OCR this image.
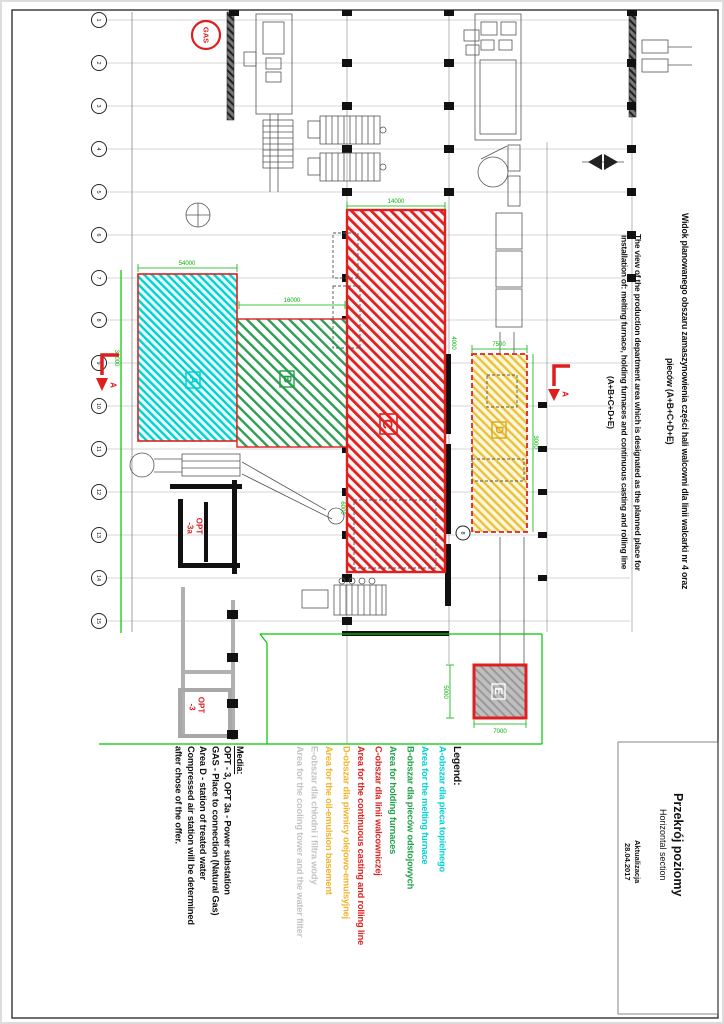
1
2
3
4
5
6
7
8
9
10
11
12
13
14
15
54000
16000
14000
7500
7000
3000
4000
5000
30000
6000
A	B
C
D
E
GAS
A
A
OPT
-3a
OPT
-3
8	Widok planowanego obszaru zamaszynowienia części hali walcowni dla linii walcarki nr 4 oraz
pieców (A+B+C+D+E)
The view of the production department area which is designated as the planned place for
installation of: melting furnace, holding furnaces and continuous casting and rolling line
(A+B+C+D+E)
Legend:
A-obszar dla pieca topielnego
Area for the melting furnace
B-obszar dla pieców odstojowych
Area for holding furnaces
C-obszar dla linii walcowniczej
Area for the continuous casting and rolling line
D-obszar dla piwnicy olejowo-emulsyjnej
Area for the oil-emulsion basement
E-obszar dla chłodni i filtra wody
Area for the cooling tower and the water filter
Media:
OPT - 3, OPT 3a - Power substation
GAS - Place to connection (Natural Gas)
Area D - station of treated water
Compressed air station will be determined
after chose of the offer.	Przekrój poziomy
Horizontal section
Aktualizacja
28.04.2017
